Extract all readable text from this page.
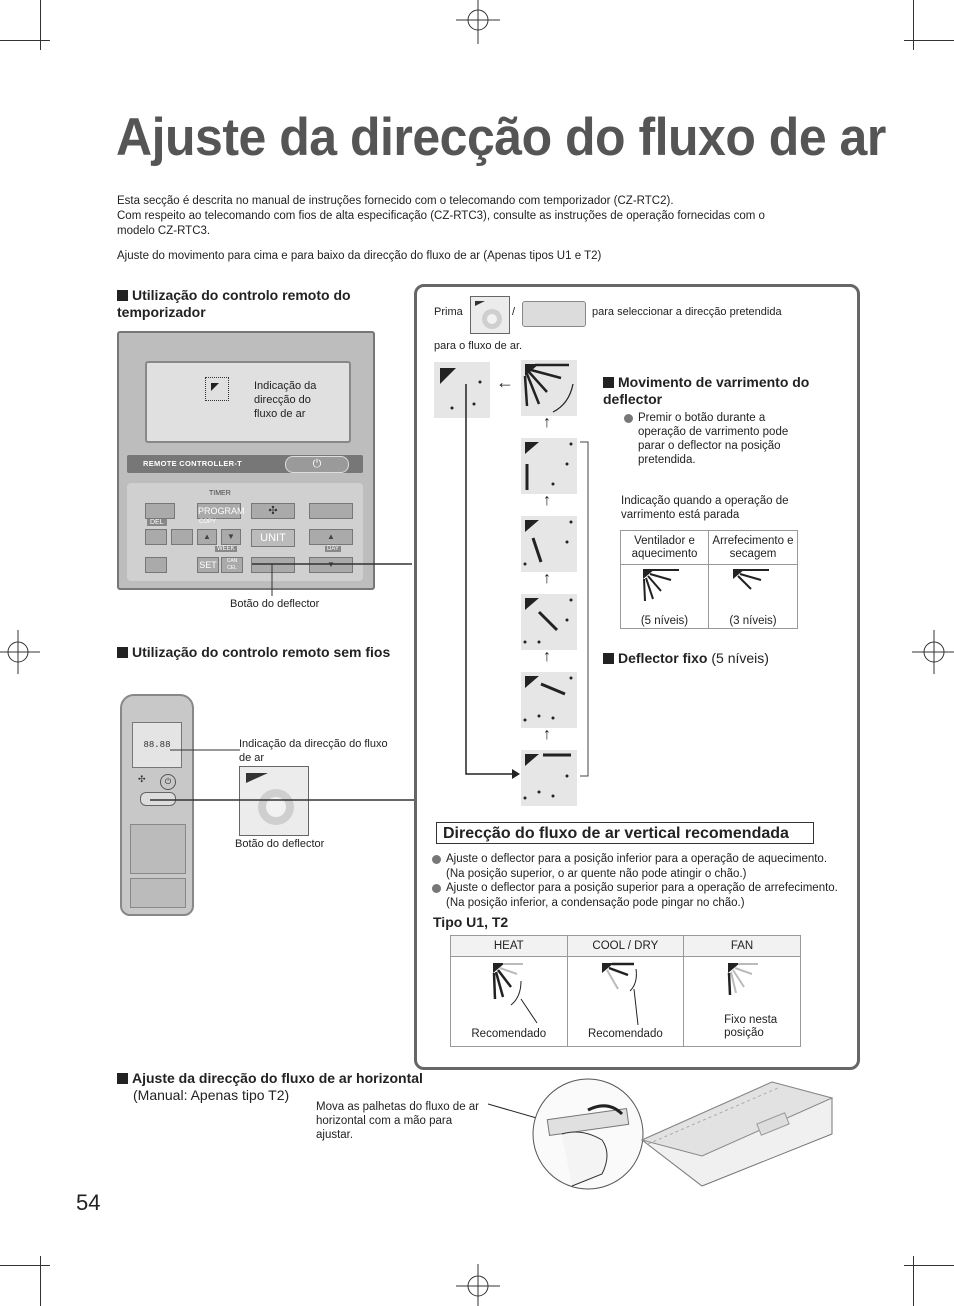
Ajuste da direcção do fluxo de ar
Esta secção é descrita no manual de instruções fornecido com o telecomando com temporizador (CZ-RTC2).
Com respeito ao telecomando com fios de alta especificação (CZ-RTC3), consulte as instruções de operação fornecidas com o
modelo CZ-RTC3.
Ajuste do movimento para cima e para baixo da direcção do fluxo de ar (Apenas tipos U1 e T2)
Utilização do controlo remoto do temporizador
Indicação da direcção do fluxo de ar
REMOTE CONTROLLER-T	⏻
TIMER
DEL
PROGRAM
COPY
✣
▲	▼	UNIT	▲
WEEK	DAY
SET	CAN CEL	▼
Botão do deflector
Utilização do controlo remoto sem fios
88.88
✣	⏻
Indicação da direcção do fluxo de ar
Botão do deflector
Prima	/	para seleccionar a direcção pretendida
para o fluxo de ar.
←
↑
↑
↑
↑
↑
Movimento de varrimento do deflector
Premir o botão durante a operação de varrimento pode parar o deflector na posição pretendida.
Indicação quando a operação de varrimento está parada
Ventilador e aquecimento	Arrefecimento e secagem

(5 níveis)	(3 níveis)
Deflector fixo (5 níveis)
Direcção do fluxo de ar vertical recomendada
Ajuste o deflector para a posição inferior para a operação de aquecimento. (Na posição superior, o ar quente não pode atingir o chão.)
Ajuste o deflector para a posição superior para a operação de arrefecimento. (Na posição inferior, a condensação pode pingar no chão.)
Tipo U1, T2
HEAT	COOL / DRY	FAN

Recomendado	Recomendado	Fixo nesta posição
Ajuste da direcção do fluxo de ar horizontal
(Manual: Apenas tipo T2)
Mova as palhetas do fluxo de ar horizontal com a mão para ajustar.
54
